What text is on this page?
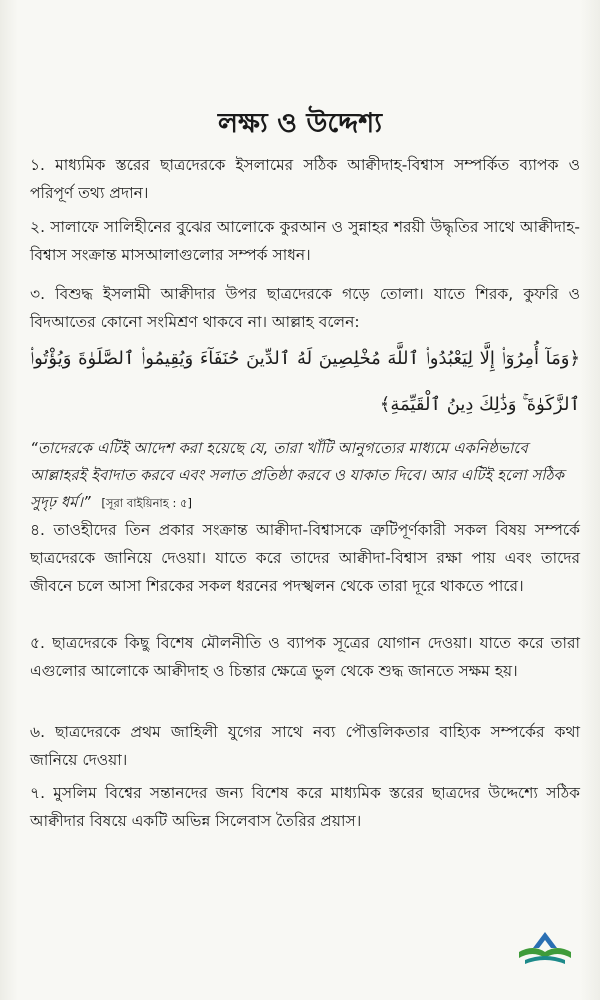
লক্ষ্য ও উদ্দেশ্য

১. মাধ্যমিক স্তরের ছাত্রদেরকে ইসলামের সঠিক আক্বীদাহ-বিশ্বাস সম্পর্কিত ব্যাপক ও পরিপূর্ণ তথ্য প্রদান।

২. সালাফে সালিহীনের বুঝের আলোকে কুরআন ও সুন্নাহর শরয়ী উদ্ধৃতির সাথে আক্বীদাহ-বিশ্বাস সংক্রান্ত মাসআলাগুলোর সম্পর্ক সাধন।

৩. বিশুদ্ধ ইসলামী আক্বীদার উপর ছাত্রদেরকে গড়ে তোলা। যাতে শিরক, কুফরি ও বিদআতের কোনো সংমিশ্রণ থাকবে না। আল্লাহ বলেন:

﴿وَمَآ أُمِرُوٓا۟ إِلَّا لِيَعْبُدُوا۟ ٱللَّهَ مُخْلِصِينَ لَهُ ٱلدِّينَ حُنَفَآءَ وَيُقِيمُوا۟ ٱلصَّلَوٰةَ وَيُؤْتُوا۟ ٱلزَّكَوٰةَ ۚ وَذَٰلِكَ دِينُ ٱلْقَيِّمَةِ﴾

“তাদেরকে এটিই আদেশ করা হয়েছে যে, তারা খাঁটি আনুগত্যের মাধ্যমে একনিষ্ঠভাবে আল্লাহরই ইবাদাত করবে এবং সলাত প্রতিষ্ঠা করবে ও যাকাত দিবে। আর এটিই হলো সঠিক সুদৃঢ় ধর্ম।” [সূরা বাইয়িনাহ : ৫]

৪. তাওহীদের তিন প্রকার সংক্রান্ত আক্বীদা-বিশ্বাসকে ত্রুটিপূর্ণকারী সকল বিষয় সম্পর্কে ছাত্রদেরকে জানিয়ে দেওয়া। যাতে করে তাদের আক্বীদা-বিশ্বাস রক্ষা পায় এবং তাদের জীবনে চলে আসা শিরকের সকল ধরনের পদস্খলন থেকে তারা দূরে থাকতে পারে।

৫. ছাত্রদেরকে কিছু বিশেষ মৌলনীতি ও ব্যাপক সূত্রের যোগান দেওয়া। যাতে করে তারা এগুলোর আলোকে আক্বীদাহ ও চিন্তার ক্ষেত্রে ভুল থেকে শুদ্ধ জানতে সক্ষম হয়।

৬. ছাত্রদেরকে প্রথম জাহিলী যুগের সাথে নব্য পৌত্তলিকতার বাহ্যিক সম্পর্কের কথা জানিয়ে দেওয়া।

৭. মুসলিম বিশ্বের সন্তানদের জন্য বিশেষ করে মাধ্যমিক স্তরের ছাত্রদের উদ্দেশ্যে সঠিক আক্বীদার বিষয়ে একটি অভিন্ন সিলেবাস তৈরির প্রয়াস।
